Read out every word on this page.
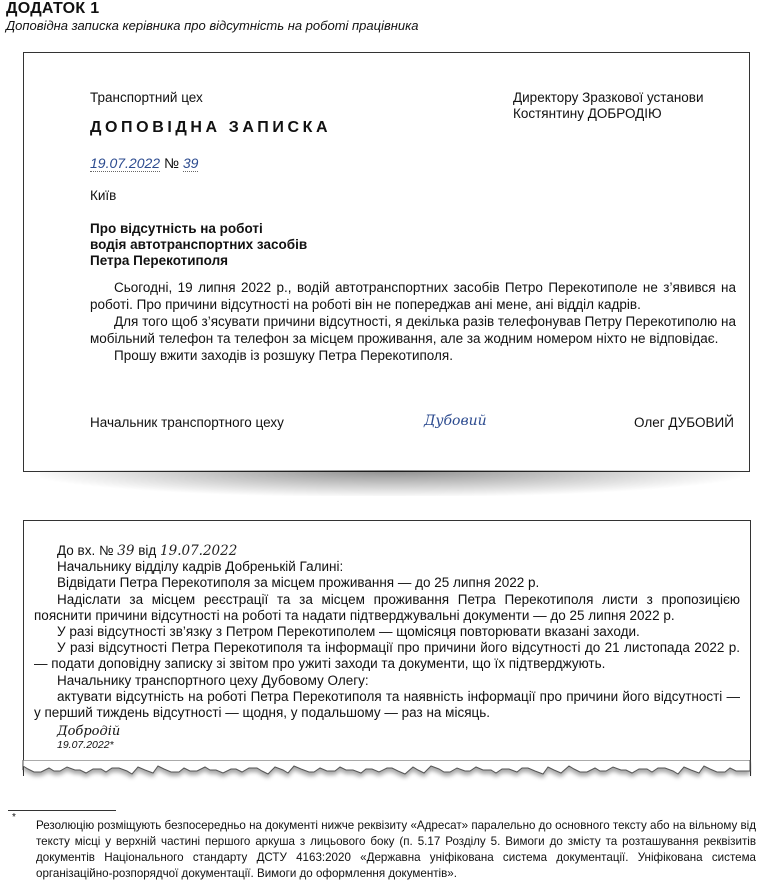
ДОДАТОК 1
Доповідна записка керівника про відсутність на роботі працівника
Транспортний цех	Директору Зразкової установи
Костянтину ДОБРОДІЮ
ДОПОВІДНА ЗАПИСКА
19.07.2022 № 39
Київ
Про відсутність на роботі
водія автотранспортних засобів
Петра Перекотиполя

Сьогодні, 19 липня 2022 р., водій автотранспортних засобів Петро Перекотиполе не з’явився на роботі. Про причини відсутності на роботі він не попереджав ані мене, ані відділ кадрів.

Для того щоб з’ясувати причини відсутності, я декілька разів телефонував Петру Перекотиполю на мобільний телефон та телефон за місцем проживання, але за жодним номером ніхто не відповідає.

Прошу вжити заходів із розшуку Петра Перекотиполя.

Начальник транспортного цеху	Дубовий	Олег ДУБОВИЙ

До вх. № 39 від 19.07.2022

Начальнику відділу кадрів Добренькій Галині:

Відвідати Петра Перекотиполя за місцем проживання — до 25 липня 2022 р.

Надіслати за місцем реєстрації та за місцем проживання Петра Перекотиполя листи з пропозицією пояснити причини відсутності на роботі та надати підтверджувальні документи — до 25 липня 2022 р.

У разі відсутності зв’язку з Петром Перекотиполем — щомісяця повторювати вказані заходи.

У разі відсутності Петра Перекотиполя та інформації про причини його відсутності до 21 листопада 2022 р. — подати доповідну записку зі звітом про ужиті заходи та документи, що їх підтверджують.

Начальнику транспортного цеху Дубовому Олегу:

актувати відсутність на роботі Петра Перекотиполя та наявність інформації про причини його відсутності — у перший тиждень відсутності — щодня, у подальшому — раз на місяць.

Добродій
19.07.2022*
*
Резолюцію розміщують безпосередньо на документі нижче реквізиту «Адресат» паралельно до основного тексту або на вільному від тексту місці у верхній частині першого аркуша з лицьового боку (п. 5.17 Розділу 5. Вимоги до змісту та розташування реквізитів документів Національного стандарту ДСТУ 4163:2020 «Державна уніфікована система документації. Уніфікована система організаційно-розпорядчої документації. Вимоги до оформлення документів».
